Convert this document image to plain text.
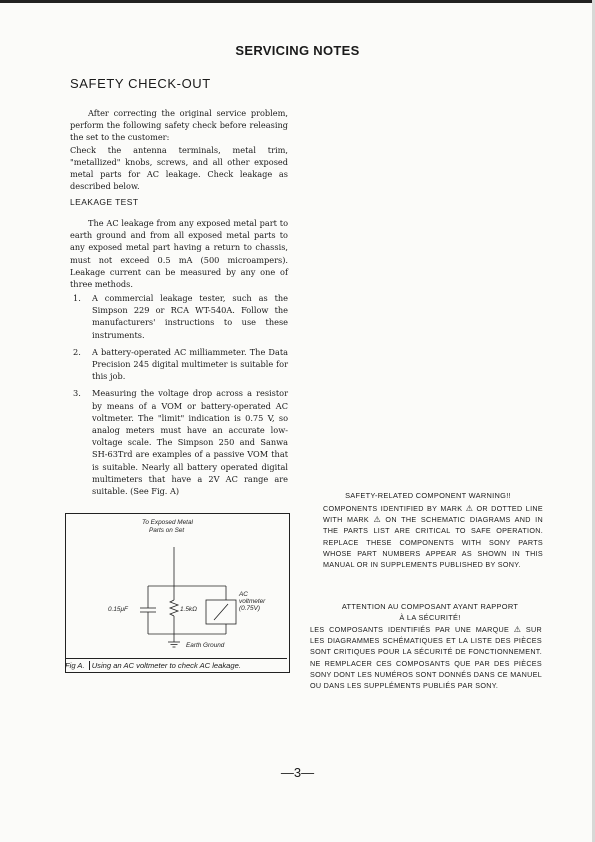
SERVICING NOTES
SAFETY CHECK-OUT

After correcting the original service problem, perform the following safety check before releasing the set to the customer:

Check the antenna terminals, metal trim, "metallized" knobs, screws, and all other exposed metal parts for AC leakage. Check leakage as described below.

LEAKAGE TEST

The AC leakage from any exposed metal part to earth ground and from all exposed metal parts to any exposed metal part having a return to chassis, must not exceed 0.5 mA (500 microampers). Leakage current can be measured by any one of three methods.

1. A commercial leakage tester, such as the Simpson 229 or RCA WT-540A. Follow the manufacturers' instructions to use these instruments.
2. A battery-operated AC milliammeter. The Data Precision 245 digital multimeter is suitable for this job.
3. Measuring the voltage drop across a resistor by means of a VOM or battery-operated AC voltmeter. The "limit" indication is 0.75 V, so analog meters must have an accurate low-voltage scale. The Simpson 250 and Sanwa SH-63Trd are examples of a passive VOM that is suitable. Nearly all battery operated digital multimeters that have a 2V AC range are suitable. (See Fig. A)
To Exposed Metal
Parts on Set
0.15μF	1.5kΩ
AC
voltmeter
(0.75V)
Earth Ground
Fig A. Using an AC voltmeter to check AC leakage.
SAFETY-RELATED COMPONENT WARNING!!
COMPONENTS IDENTIFIED BY MARK ⚠ OR DOTTED LINE WITH MARK ⚠ ON THE SCHEMATIC DIAGRAMS AND IN THE PARTS LIST ARE CRITICAL TO SAFE OPERATION. REPLACE THESE COMPONENTS WITH SONY PARTS WHOSE PART NUMBERS APPEAR AS SHOWN IN THIS MANUAL OR IN SUPPLEMENTS PUBLISHED BY SONY.
ATTENTION AU COMPOSANT AYANT RAPPORT
À LA SÉCURITÉ!
LES COMPOSANTS IDENTIFIÉS PAR UNE MARQUE ⚠ SUR LES DIAGRAMMES SCHÉMATIQUES ET LA LISTE DES PIÈCES SONT CRITIQUES POUR LA SÉCURITÉ DE FONCTIONNEMENT. NE REMPLACER CES COMPOSANTS QUE PAR DES PIÈCES SONY DONT LES NUMÉROS SONT DONNÉS DANS CE MANUEL OU DANS LES SUPPLÉMENTS PUBLIÉS PAR SONY.
—3—
